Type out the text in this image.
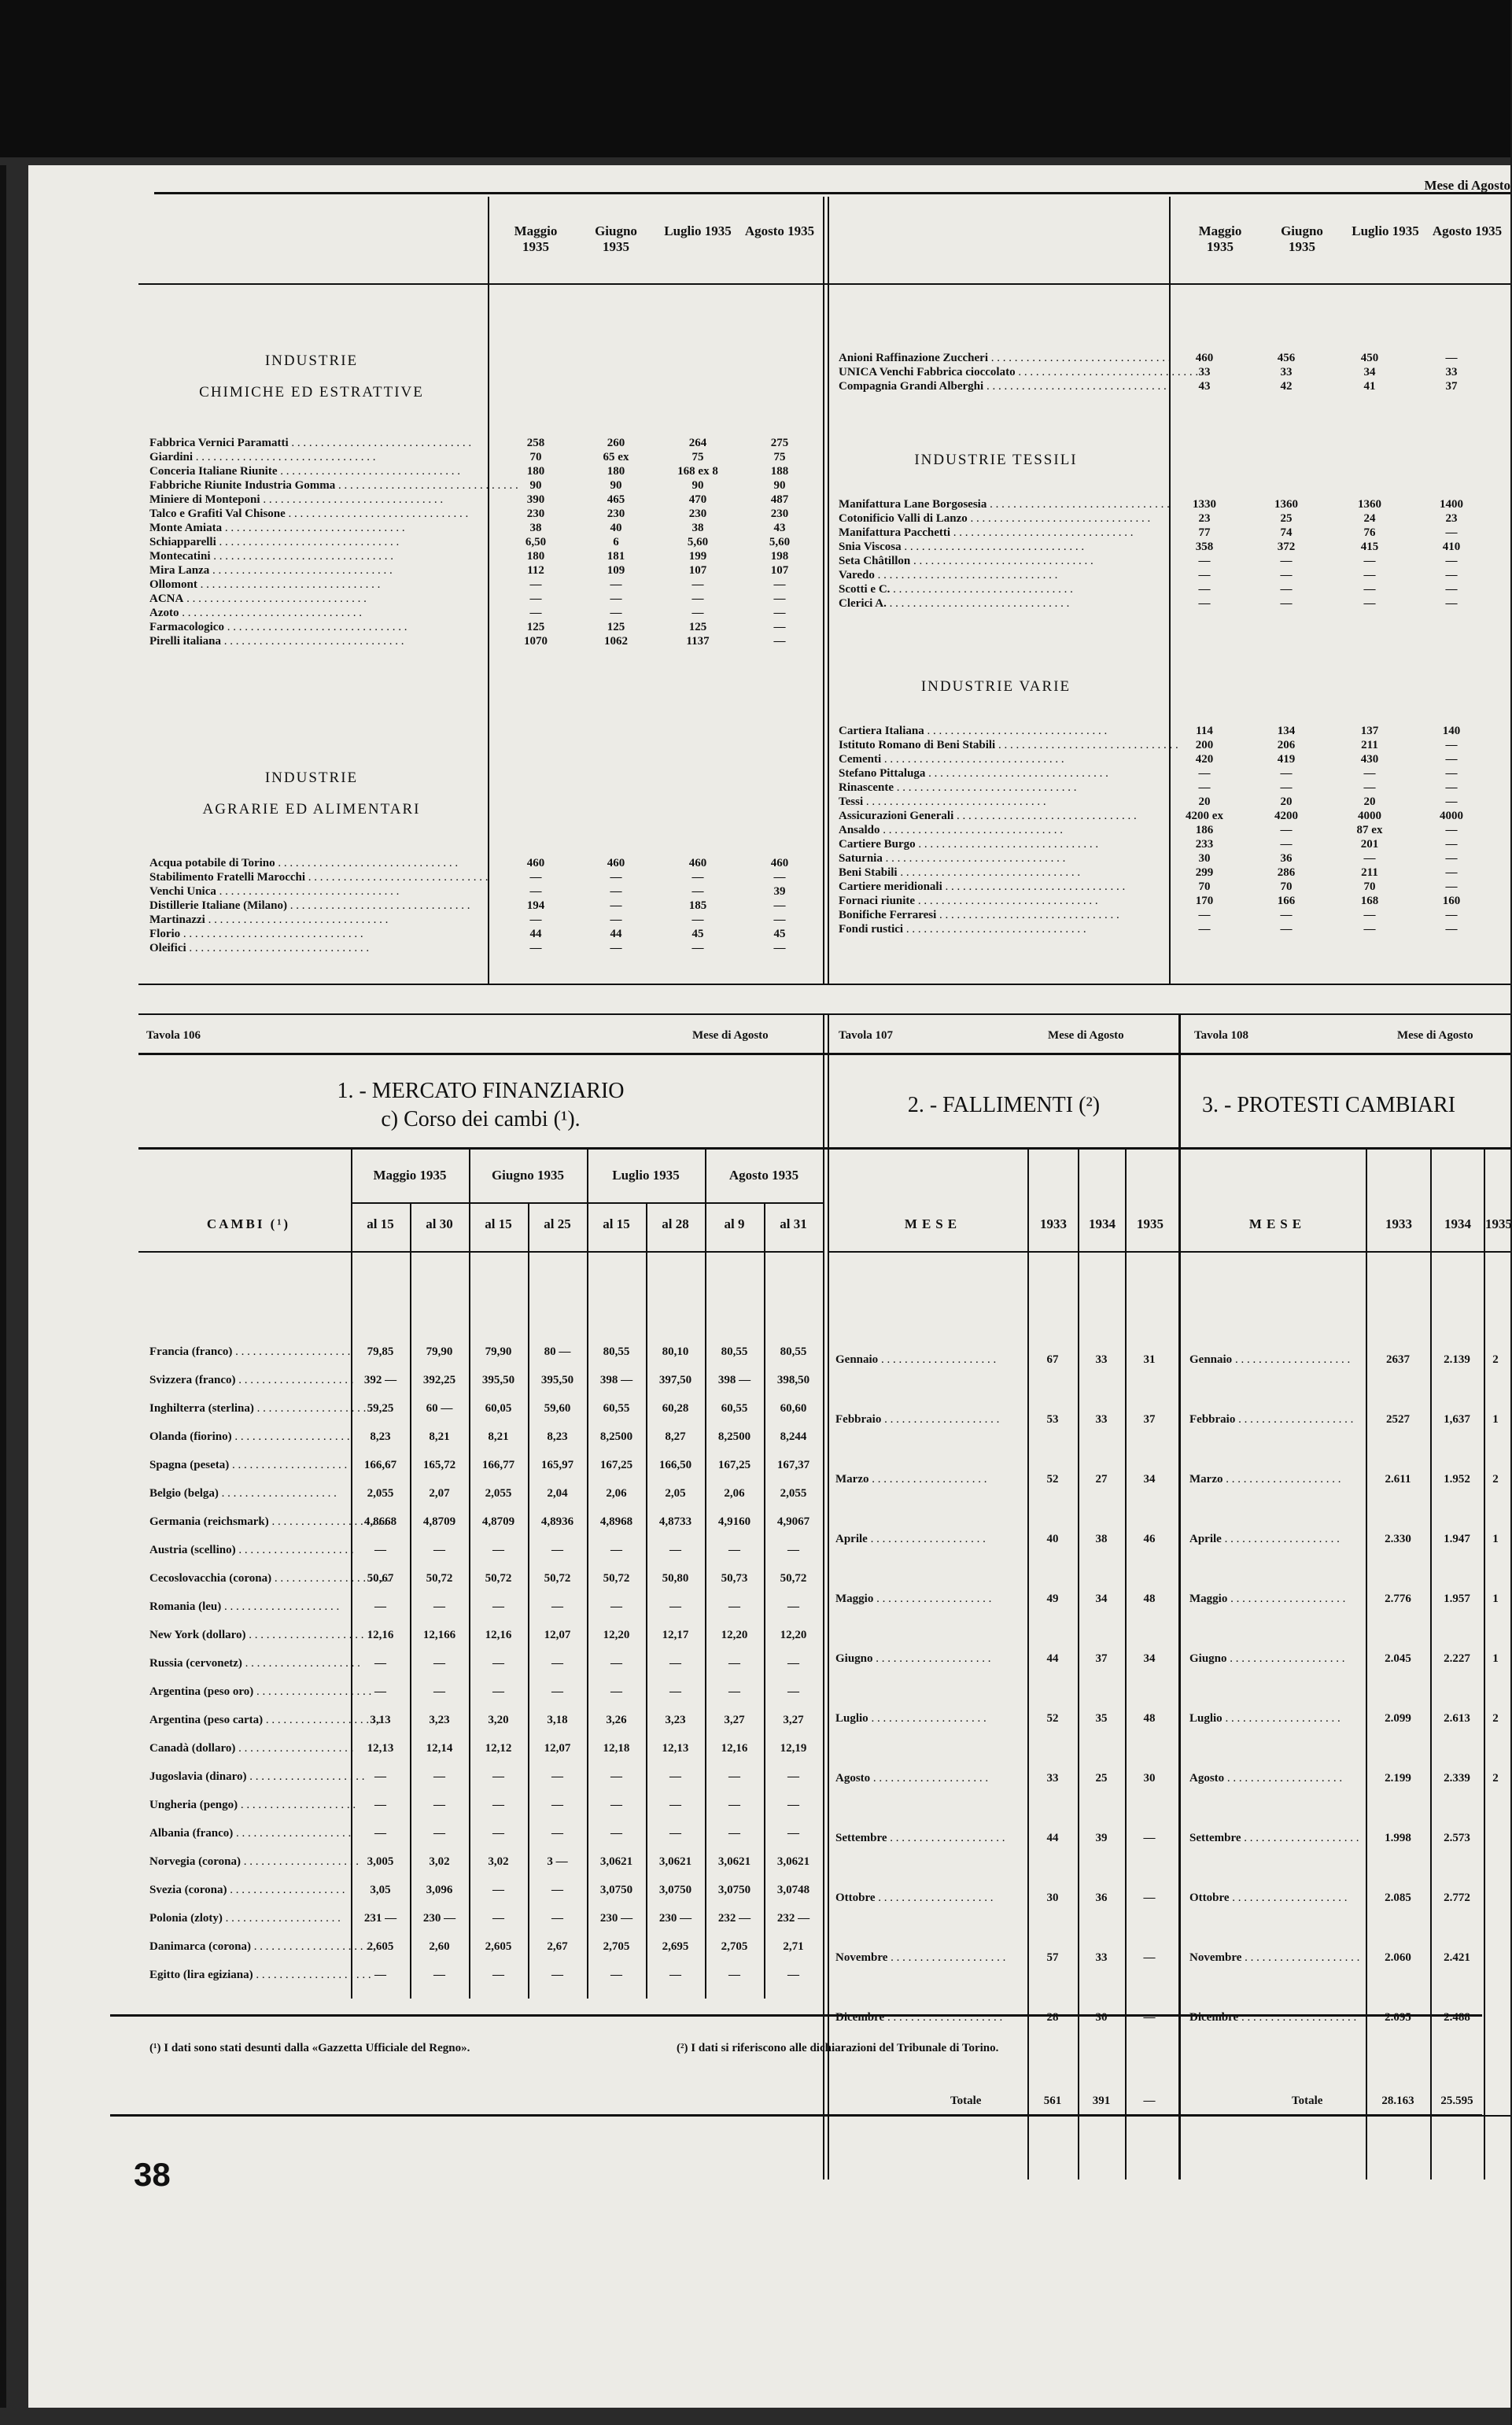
Mese di Agosto
Maggio 1935
Giugno 1935
Luglio 1935 Agosto 1935	Maggio 1935
Giugno 1935
Luglio 1935 Agosto 1935
INDUSTRIE
CHIMICHE ED ESTRATTIVE
INDUSTRIE
AGRARIE ED ALIMENTARI
INDUSTRIE TESSILI
INDUSTRIE VARIE
Fabbrica Vernici Paramatti . . .	258	260	264	275
Giardini . . .	70	65 ex	75	75
Conceria Italiane Riunite . . .	180	180	168 ex 8	188
Fabbriche Riunite Industria Gomma . . .	90	90	90	90
Miniere di Monteponi . . .	390	465	470	487
Talco e Grafiti Val Chisone . . .	230	230	230	230
Monte Amiata . . .	38	40	38	43
Schiapparelli . . .	6,50	6	5,60	5,60
Montecatini . . .	180	181	199	198
Mira Lanza . . .	112	109	107	107
Ollomont . . .	—	—	—	—
ACNA . . .	—	—	—	—
Azoto . . .	—	—	—	—
Farmacologico . . .	125	125	125	—
Pirelli italiana . . .	1070	1062	1137	—
Acqua potabile di Torino . . .	460	460	460	460
Stabilimento Fratelli Marocchi . . .	—	—	—	—
Venchi Unica . . .	—	—	—	39
Distillerie Italiane (Milano) . . .	194	—	185	—
Martinazzi . . .	—	—	—	—
Florio . . .	44	44	45	45
Oleifici . . .	—	—	—	—
Anioni Raffinazione Zuccheri . . .	460	456	450	—
UNICA Venchi Fabbrica cioccolato . . .	33	33	34	33
Compagnia Grandi Alberghi . . .	43	42	41	37
Manifattura Lane Borgosesia . . .	1330	1360	1360	1400
Cotonificio Valli di Lanzo . . .	23	25	24	23
Manifattura Pacchetti . . .	77	74	76	—
Snia Viscosa . . .	358	372	415	410
Seta Châtillon . . .	—	—	—	—
Varedo . . .	—	—	—	—
Scotti e C. . . .	—	—	—	—
Clerici A. . . .	—	—	—	—
Cartiera Italiana . . .	114	134	137	140
Istituto Romano di Beni Stabili . . .	200	206	211	—
Cementi . . .	420	419	430	—
Stefano Pittaluga . . .	—	—	—	—
Rinascente . . .	—	—	—	—
Tessi . . .	20	20	20	—
Assicurazioni Generali . . .	4200 ex	4200	4000	4000
Ansaldo . . .	186	—	87 ex	—
Cartiere Burgo . . .	233	—	201	—
Saturnia . . .	30	36	—	—
Beni Stabili . . .	299	286	211	—
Cartiere meridionali . . .	70	70	70	—
Fornaci riunite . . .	170	166	168	160
Bonifiche Ferraresi . . .	—	—	—	—
Fondi rustici . . .	—	—	—	—
Tavola 106	Mese di Agosto	Tavola 107	Mese di Agosto	Tavola 108	Mese di Agosto
1. - MERCATO FINANZIARIO
c) Corso dei cambi (¹).
2. - FALLIMENTI (²)	3. - PROTESTI CAMBIARI
CAMBI (¹)	MESE	1933	1934	1935	MESE	1933	1934	1935
Francia (franco) . . .	79,85	79,90	79,90	80 —	80,55	80,10	80,55	80,55
Svizzera (franco) . . .	392 —	392,25	395,50	395,50	398 —	397,50	398 —	398,50
Inghilterra (sterlina) . . .	59,25	60 —	60,05	59,60	60,55	60,28	60,55	60,60
Olanda (fiorino) . . .	8,23	8,21	8,21	8,23	8,2500	8,27	8,2500	8,244
Spagna (peseta) . . .	166,67	165,72	166,77	165,97	167,25	166,50	167,25	167,37
Belgio (belga) . . .	2,055	2,07	2,055	2,04	2,06	2,05	2,06	2,055
Germania (reichsmark) . . .	4,8668	4,8709	4,8709	4,8936	4,8968	4,8733	4,9160	4,9067
Austria (scellino) . . .	—	—	—	—	—	—	—	—
Cecoslovacchia (corona) . . .	50,67	50,72	50,72	50,72	50,72	50,80	50,73	50,72
Romania (leu) . . .	—	—	—	—	—	—	—	—
New York (dollaro) . . .	12,16	12,166	12,16	12,07	12,20	12,17	12,20	12,20
Russia (cervonetz) . . .	—	—	—	—	—	—	—	—
Argentina (peso oro) . . .	—	—	—	—	—	—	—	—
Argentina (peso carta) . . .	3,13	3,23	3,20	3,18	3,26	3,23	3,27	3,27
Canadà (dollaro) . . .	12,13	12,14	12,12	12,07	12,18	12,13	12,16	12,19
Jugoslavia (dinaro) . . .	—	—	—	—	—	—	—	—
Ungheria (pengo) . . .	—	—	—	—	—	—	—	—
Albania (franco) . . .	—	—	—	—	—	—	—	—
Norvegia (corona) . . .	3,005	3,02	3,02	3 —	3,0621	3,0621	3,0621	3,0621
Svezia (corona) . . .	3,05	3,096	—	—	3,0750	3,0750	3,0750	3,0748
Polonia (zloty) . . .	231 —	230 —	—	—	230 —	230 —	232 —	232 —
Danimarca (corona) . . .	2,605	2,60	2,605	2,67	2,705	2,695	2,705	2,71
Egitto (lira egiziana) . . .	—	—	—	—	—	—	—	—
Gennaio . . .	67	33	31
Febbraio . . .	53	33	37
Marzo . . .	52	27	34
Aprile . . .	40	38	46
Maggio . . .	49	34	48
Giugno . . .	44	37	34
Luglio . . .	52	35	48
Agosto . . .	33	25	30
Settembre . . .	44	39	—
Ottobre . . .	30	36	—
Novembre . . .	57	33	—
Dicembre . . .	28	30	—
Totale	561	391	—
Gennaio . . .	2637	2.139	2
Febbraio . . .	2527	1,637	1
Marzo . . .	2.611	1.952	2
Aprile . . .	2.330	1.947	1
Maggio . . .	2.776	1.957	1
Giugno . . .	2.045	2.227	1
Luglio . . .	2.099	2.613	2
Agosto . . .	2.199	2.339	2
Settembre . . .	1.998	2.573
Ottobre . . .	2.085	2.772
Novembre . . .	2.060	2.421
Dicembre . . .	2.095	2.488
Totale	28.163	25.595
Maggio 1935	Giugno 1935	Luglio 1935	Agosto 1935
al 15	al 30	al 15	al 25	al 15	al 28	al 9	al 31
(¹) I dati sono stati desunti dalla «Gazzetta Ufficiale del Regno».	(²) I dati si riferiscono alle dichiarazioni del Tribunale di Torino.
38
